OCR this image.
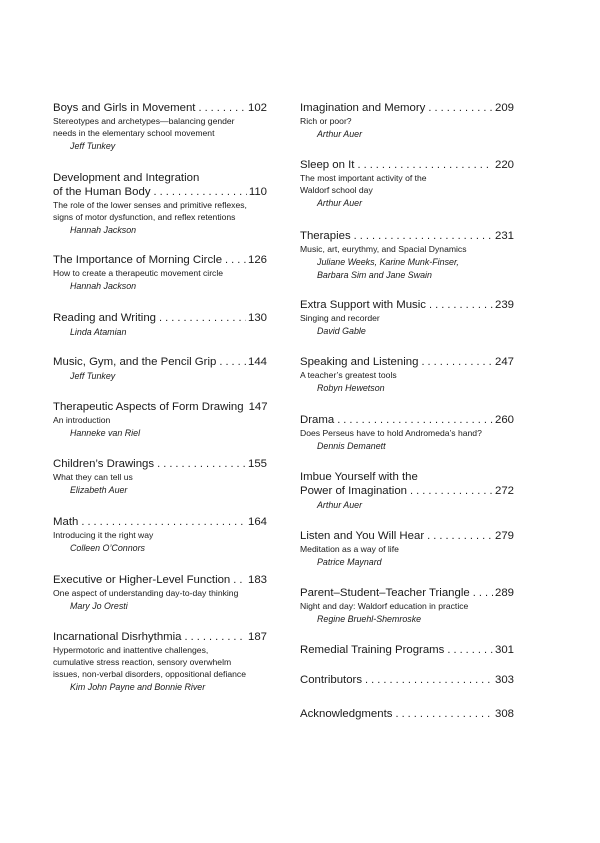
Boys and Girls in Movement . . .	102
Stereotypes and archetypes—balancing gender
needs in the elementary school movement
Jeff Tunkey
Development and Integration
of the Human Body . . .	110
The role of the lower senses and primitive reflexes,
signs of motor dysfunction, and reflex retentions
Hannah Jackson
The Importance of Morning Circle . . . 126
How to create a therapeutic movement circle
Hannah Jackson
Reading and Writing . . .	130
Linda Atamian
Music, Gym, and the Pencil Grip . . .	144
Jeff Tunkey
Therapeutic Aspects of Form Drawing . . . 147
An introduction
Hanneke van Riel
Children’s Drawings . . .	155
What they can tell us
Elizabeth Auer
Math . . .	164
Introducing it the right way
Colleen O’Connors
Executive or Higher-Level Function . . . 183
One aspect of understanding day-to-day thinking
Mary Jo Oresti
Incarnational Disrhythmia . . .	187
Hypermotoric and inattentive challenges,
cumulative stress reaction, sensory overwhelm
issues, non-verbal disorders, oppositional defiance
Kim John Payne and Bonnie River
Imagination and Memory . . .	209
Rich or poor?
Arthur Auer
Sleep on It . . .	220
The most important activity of the
Waldorf school day
Arthur Auer
Therapies . . .	231
Music, art, eurythmy, and Spacial Dynamics
Juliane Weeks, Karine Munk-Finser,
Barbara Sim and Jane Swain
Extra Support with Music . . .	239
Singing and recorder
David Gable
Speaking and Listening . . .	247
A teacher’s greatest tools
Robyn Hewetson
Drama . . .	260
Does Perseus have to hold Andromeda’s hand?
Dennis Demanett
Imbue Yourself with the
Power of Imagination . . .	272
Arthur Auer
Listen and You Will Hear . . .	279
Meditation as a way of life
Patrice Maynard
Parent–Student–Teacher Triangle . . . 289
Night and day: Waldorf education in practice
Regine Bruehl-Shemroske
Remedial Training Programs . . .	301
Contributors . . .	303
Acknowledgments . . .	308
